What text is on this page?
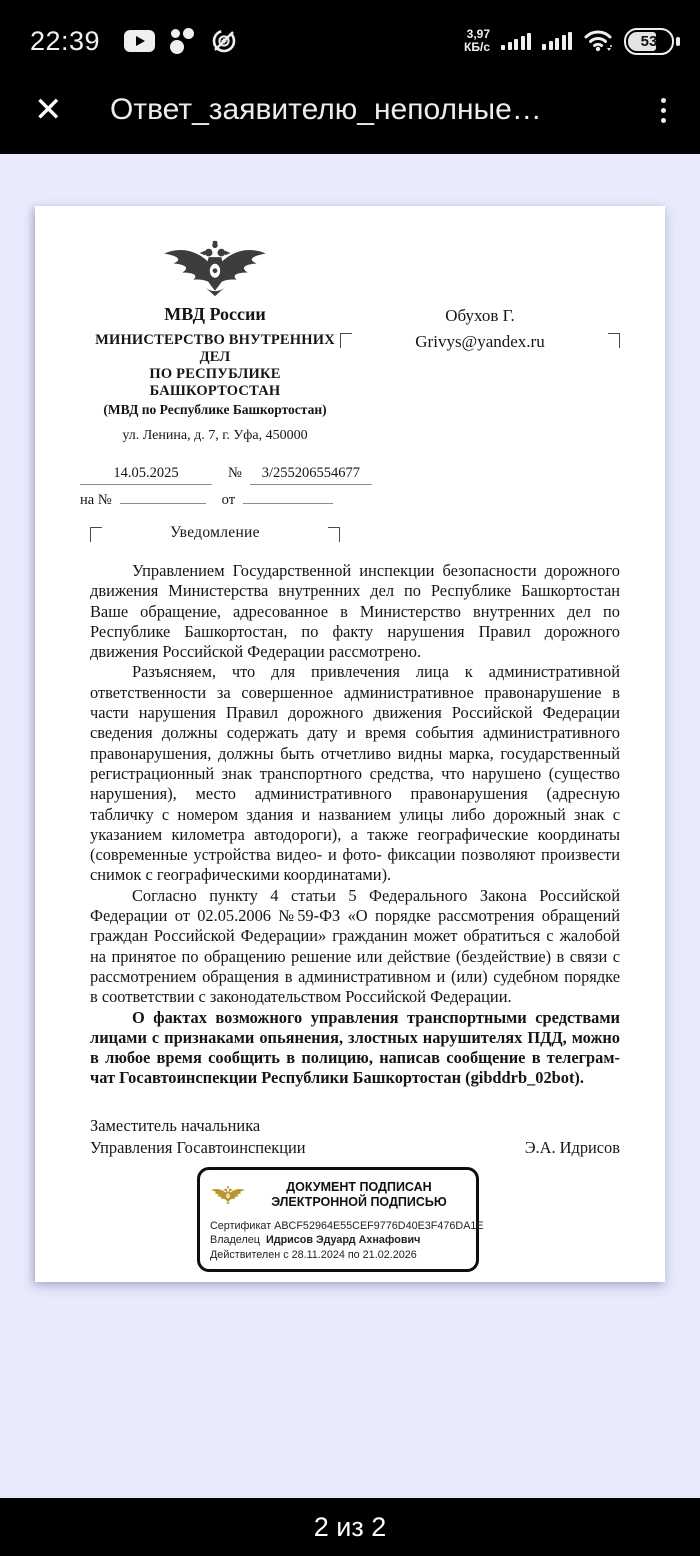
22:39	3,97
КБ/с	53
✕	Ответ_заявителю_неполные…
МВД России
МИНИСТЕРСТВО ВНУТРЕННИХ ДЕЛ
ПО РЕСПУБЛИКЕ БАШКОРТОСТАН
(МВД по Республике Башкортостан)
ул. Ленина, д. 7, г. Уфа, 450000
Обухов Г.
Grivys@yandex.ru
14.05.2025	№	3/255206554677
на №	от
Уведомление

Управлением Государственной инспекции безопасности дорожного движения Министерства внутренних дел по Республике Башкортостан Ваше обращение, адресованное в Министерство внутренних дел по Республике Башкортостан, по факту нарушения Правил дорожного движения Российской Федерации рассмотрено.

Разъясняем, что для привлечения лица к административной ответственности за совершенное административное правонарушение в части нарушения Правил дорожного движения Российской Федерации сведения должны содержать дату и время события административного правонарушения, должны быть отчетливо видны марка, государственный регистрационный знак транспортного средства, что нарушено (существо нарушения), место административного правонарушения (адресную табличку с номером здания и названием улицы либо дорожный знак с указанием километра автодороги), а также географические координаты (современные устройства видео- и фото- фиксации позволяют произвести снимок с географическими координатами).

Согласно пункту 4 статьи 5 Федерального Закона Российской Федерации от 02.05.2006 №59-ФЗ «О порядке рассмотрения обращений граждан Российской Федерации» гражданин может обратиться с жалобой на принятое по обращению решение или действие (бездействие) в связи с рассмотрением обращения в административном и (или) судебном порядке в соответствии с законодательством Российской Федерации.

О фактах возможного управления транспортными средствами лицами с признаками опьянения, злостных нарушителях ПДД, можно в любое время сообщить в полицию, написав сообщение в телеграм-чат Госавтоинспекции Республики Башкортостан (gibddrb_02bot).

Заместитель начальника
Управления Госавтоинспекции	Э.А. Идрисов
ДОКУМЕНТ ПОДПИСАН
ЭЛЕКТРОННОЙ ПОДПИСЬЮ
Сертификат ABCF52964E55CEF9776D40E3F476DA1E
Владелец Идрисов Эдуард Ахнафович
Действителен с 28.11.2024 по 21.02.2026
2 из 2
